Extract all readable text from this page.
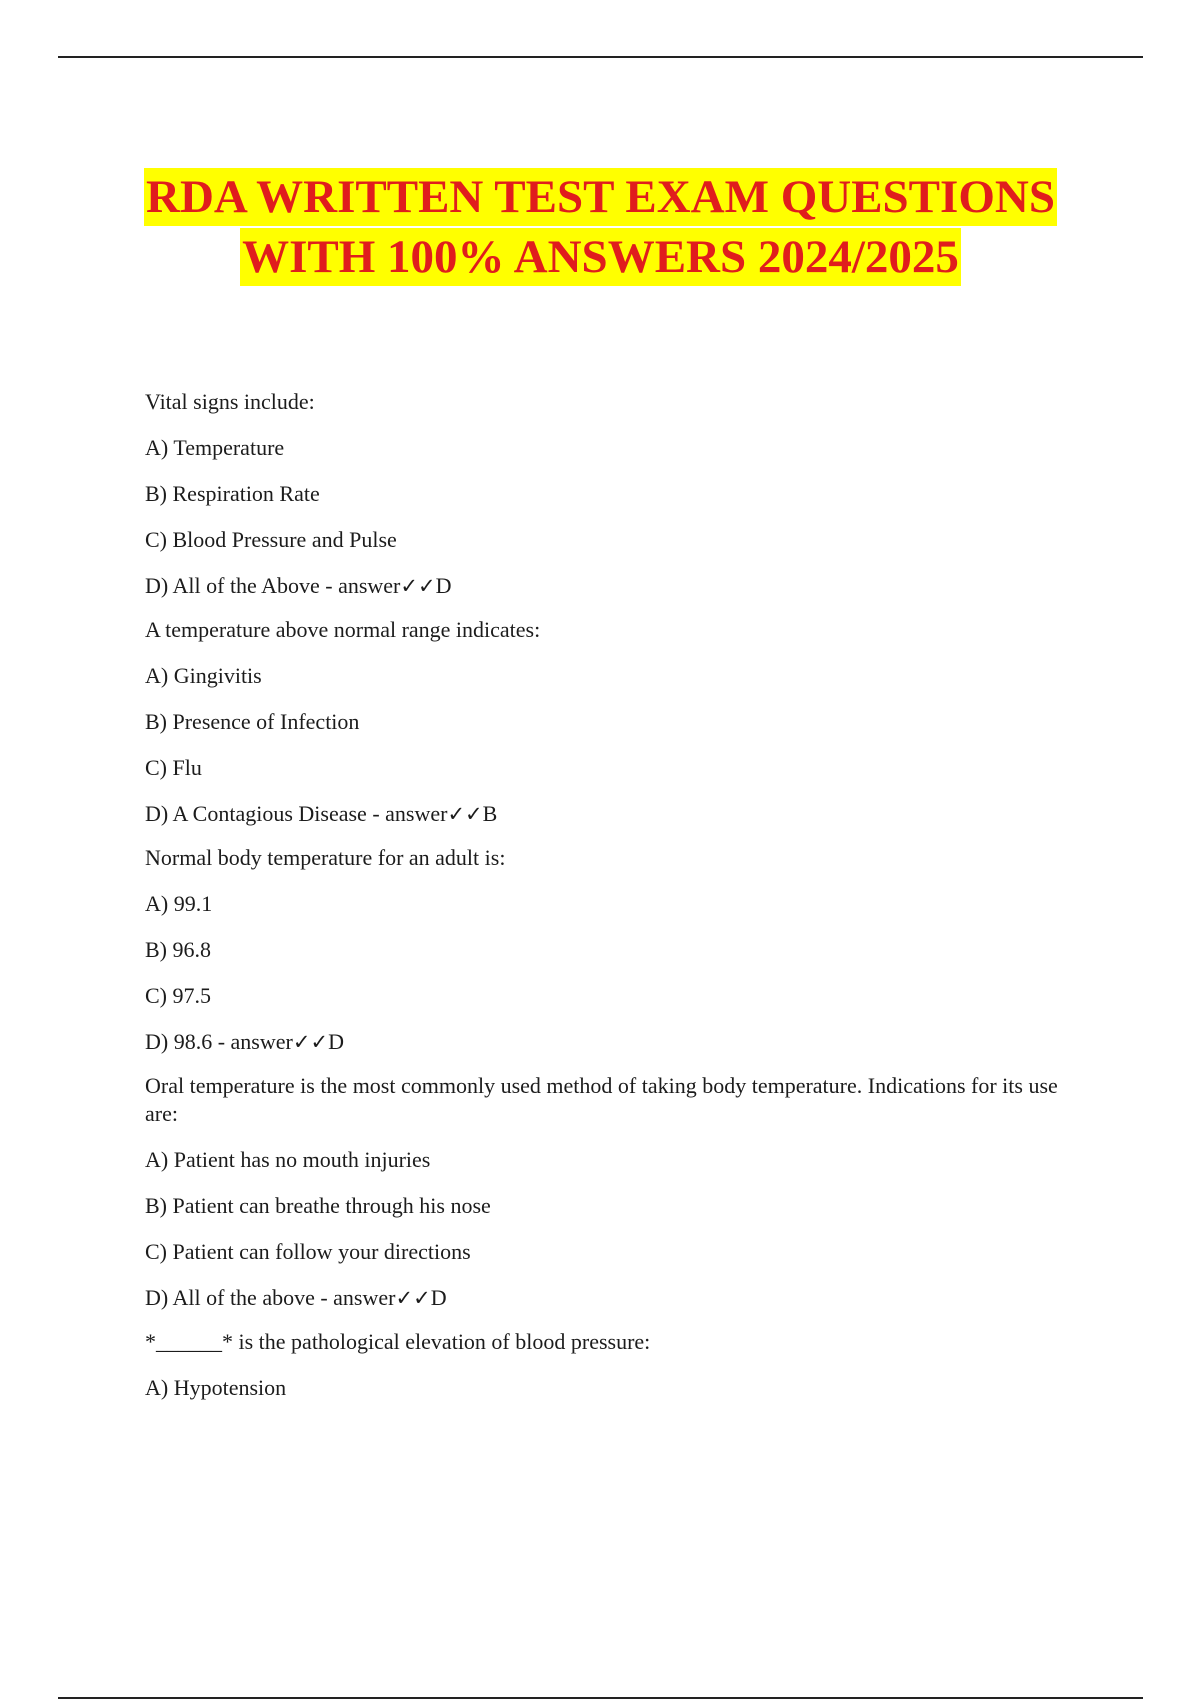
RDA WRITTEN TEST EXAM QUESTIONS
WITH 100% ANSWERS 2024/2025

Vital signs include:

A) Temperature

B) Respiration Rate

C) Blood Pressure and Pulse

D) All of the Above - answer✓✓D

A temperature above normal range indicates:

A) Gingivitis

B) Presence of Infection

C) Flu

D) A Contagious Disease - answer✓✓B

Normal body temperature for an adult is:

A) 99.1

B) 96.8

C) 97.5

D) 98.6 - answer✓✓D

Oral temperature is the most commonly used method of taking body temperature. Indications for its use are:

A) Patient has no mouth injuries

B) Patient can breathe through his nose

C) Patient can follow your directions

D) All of the above - answer✓✓D

*______* is the pathological elevation of blood pressure:

A) Hypotension
